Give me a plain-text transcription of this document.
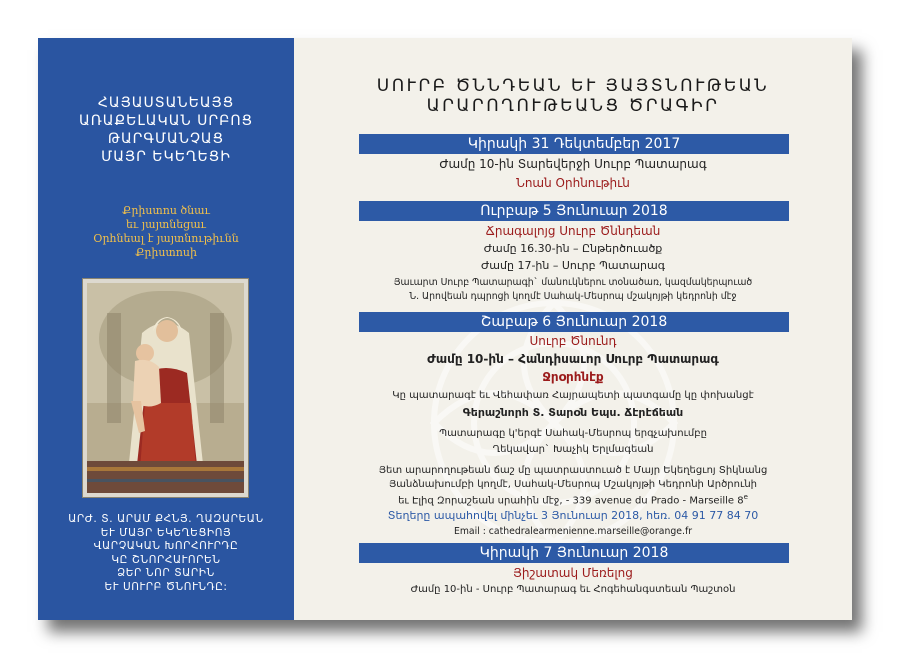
ՀԱՅԱՍՏԱՆԵԱՅՑ
ԱՌԱՔԵԼԱԿԱՆ ՍՐԲՈՑ
ԹԱՐԳՄԱՆՉԱՑ
ՄԱՅՐ ԵԿԵՂԵՑԻ
Քրիստոս ծնաւ
եւ յայտնեցաւ
Օրհնեալ է յայտնութիւնն
Քրիստոսի
ԱՐԺ. Տ. ԱՐԱՄ ՔՀՆՅ. ՂԱԶԱՐԵԱՆ
ԵՒ ՄԱՅՐ ԵԿԵՂԵՑԻՈՅ
ՎԱՐՉԱԿԱՆ ԽՈՐՀՈՒՐԴԸ
ԿԸ ՇՆՈՐՀԱՒՈՐԵՆ
ՁԵՐ ՆՈՐ ՏԱՐԻՆ
ԵՒ ՍՈՒՐԲ ԾՆՈՒՆԴԸ:
ՍՈՒՐԲ ԾՆՆԴԵԱՆ ԵՒ ՅԱՅՏՆՈՒԹԵԱՆ
ԱՐԱՐՈՂՈՒԹԵԱՆՑ ԾՐԱԳԻՐ
Կիրակի 31 Դեկտեմբեր 2017
Ժամը 10-ին Տարեվերջի Սուրբ Պատարագ
Նոան Օրհնութիւն
Ուրբաթ 5 Յունուար 2018
Ճրագալոյց Սուրբ Ծննդեան
Ժամը 16.30-ին – Ընթերծուածք
Ժամը 17-ին – Սուրբ Պատարագ
Յաւարտ Սուրբ Պատարագի` մանուկներու տօնածառ, կազմակերպուած
Ն. Արովեան դպրոցի կողմէ Սահակ-Մեսրոպ մշակոյթի կեդրոնի մէջ
Շաբաթ 6 Յունուար 2018
Սուրբ Ծնունդ
Ժամը 10-ին – Հանդիսաւոր Սուրբ Պատարագ
Ջրօրհնէք
Կը պատարագէ եւ Վեհափառ Հայրապետի պատգամը կը փոխանցէ
Գերաշնորհ Տ. Տարօն Եպս. Ճէրէճեան
Պատարագը կ'երգէ Սահակ-Մեսրոպ երգչախումբը
Ղեկավար` Խաչիկ Երլմագեան
Յետ արարողութեան ճաշ մը պատրաստուած է Մայր Եկեղեցւոյ Տիկնանց
Յանձնախումբի կողմէ, Սահակ-Մեսրոպ Մշակոյթի Կեդրոնի Արծրունի
եւ Էլիզ Զորաշեան սրահին մէջ, - 339 avenue du Prado - Marseille 8e
Տեղերը ապահովել մինչեւ 3 Յունուար 2018, հեռ. 04 91 77 84 70
Email : cathedralearmenienne.marseille@orange.fr
Կիրակի 7 Յունուար 2018
Յիշատակ Մեռելոց
Ժամը 10-ին - Սուրբ Պատարագ եւ Հոգեհանգստեան Պաշտօն
